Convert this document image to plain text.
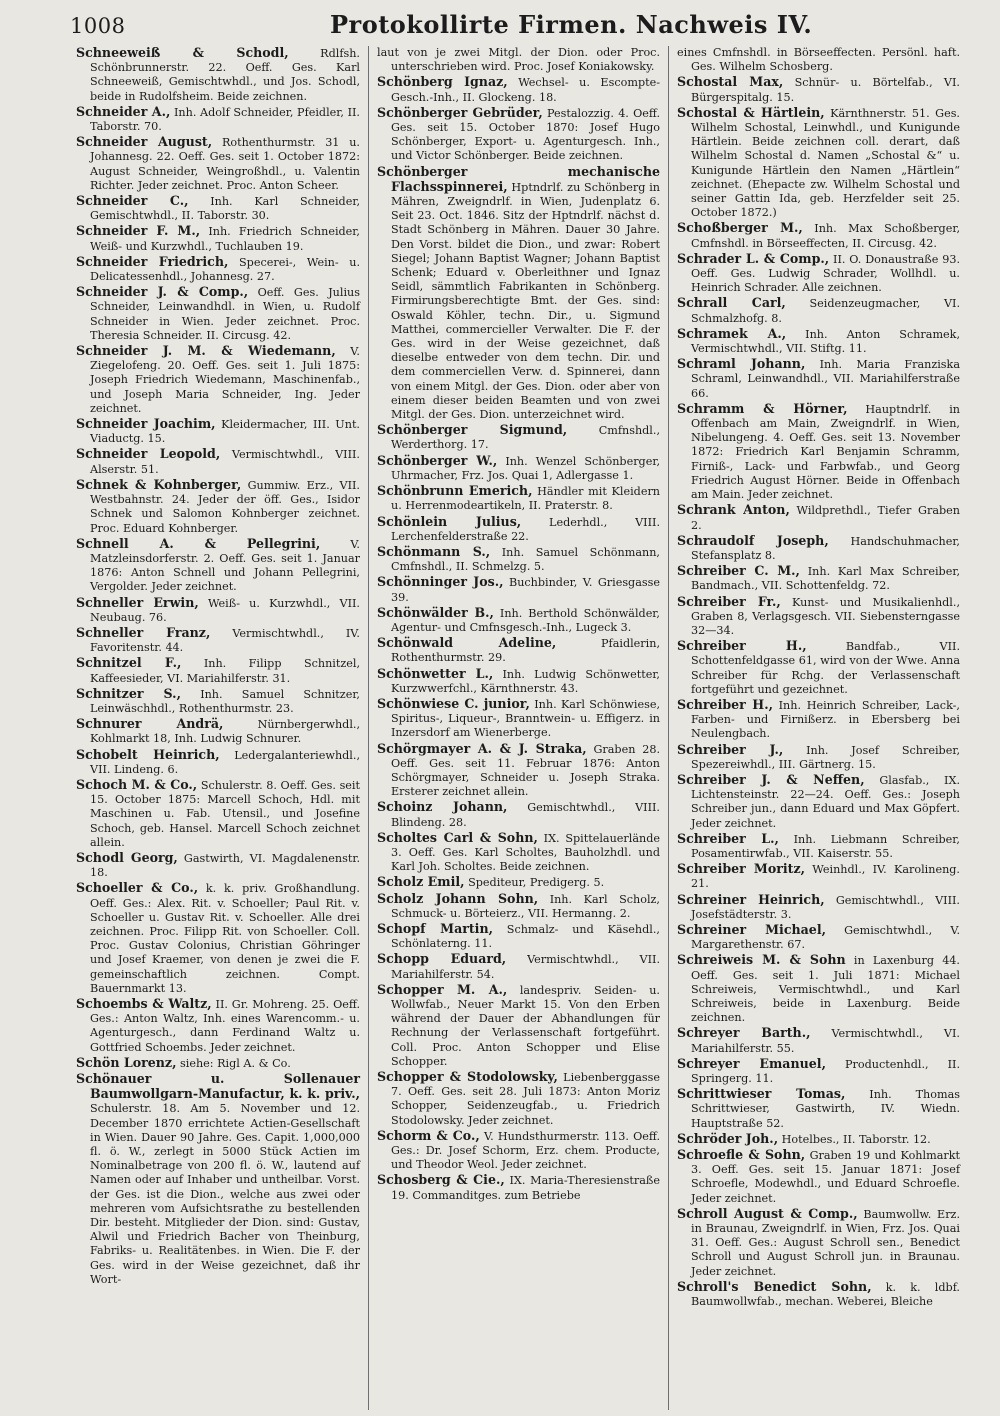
1008	Protokollirte Firmen. Nachweis IV.

Schneeweiß & Schodl,	Rdlfsh. Schönbrunnerstr. 22. Oeff. Ges. Karl Schneeweiß, Gemischtwhdl., und Jos. Schodl, beide in Rudolfsheim. Beide zeichnen.

Schneider A., Inh. Adolf Schneider, Pfeidler, II. Taborstr. 70.

Schneider August, Rothenthurmstr. 31 u. Johannesg. 22. Oeff. Ges. seit 1. October 1872: August Schneider, Weingroßhdl., u. Valentin Richter. Jeder zeichnet. Proc. Anton Scheer.

Schneider C., Inh. Karl Schneider, Gemischtwhdl., II. Taborstr. 30.

Schneider F. M., Inh. Friedrich Schneider, Weiß- und Kurzwhdl., Tuchlauben 19.

Schneider Friedrich, Specerei-, Wein- u. Delicatessenhdl., Johannesg. 27.

Schneider J. & Comp., Oeff. Ges. Julius Schneider, Leinwandhdl. in Wien, u. Rudolf Schneider in Wien. Jeder zeichnet. Proc. Theresia Schneider. II. Circusg. 42.

Schneider J. M. & Wiedemann, V. Ziegelofeng. 20. Oeff. Ges. seit 1. Juli 1875: Joseph Friedrich Wiedemann, Maschinenfab., und Joseph Maria Schneider, Ing. Jeder zeichnet.

Schneider Joachim, Kleidermacher, III. Unt. Viaductg. 15.

Schneider Leopold, Vermischtwhdl., VIII. Alserstr. 51.

Schnek & Kohnberger, Gummiw. Erz., VII. Westbahnstr. 24. Jeder der öff. Ges., Isidor Schnek und Salomon Kohnberger zeichnet. Proc. Eduard Kohnberger.

Schnell A. & Pellegrini,	V. Matzleinsdorferstr. 2. Oeff. Ges. seit 1. Januar 1876: Anton Schnell und Johann Pellegrini, Vergolder. Jeder zeichnet.

Schneller Erwin, Weiß- u. Kurzwhdl., VII. Neubaug. 76.

Schneller Franz, Vermischtwhdl., IV. Favoritenstr. 44.

Schnitzel F., Inh. Filipp Schnitzel, Kaffeesieder, VI. Mariahilferstr. 31.

Schnitzer S., Inh. Samuel Schnitzer, Leinwäschhdl., Rothenthurmstr. 23.

Schnurer Andrä,	Nürnbergerwhdl., Kohlmarkt 18, Inh. Ludwig Schnurer.

Schobelt Heinrich, Ledergalanteriewhdl., VII. Lindeng. 6.

Schoch M. & Co., Schulerstr. 8. Oeff. Ges. seit 15. October 1875: Marcell Schoch, Hdl. mit Maschinen u. Fab. Utensil., und Josefine Schoch, geb. Hansel. Marcell Schoch zeichnet allein.

Schodl Georg, Gastwirth, VI. Magdalenenstr. 18.

Schoeller & Co., k. k. priv. Großhandlung. Oeff. Ges.: Alex. Rit. v. Schoeller; Paul Rit. v. Schoeller u. Gustav Rit. v. Schoeller. Alle drei zeichnen. Proc. Filipp Rit. von Schoeller. Coll. Proc. Gustav Colonius, Christian Göhringer und Josef Kraemer, von denen je zwei die F. gemeinschaftlich zeichnen. Compt. Bauernmarkt 13.

Schoembs & Waltz, II. Gr. Mohreng. 25. Oeff. Ges.: Anton Waltz, Inh. eines Warencomm.- u. Agenturgesch., dann Ferdinand Waltz u. Gottfried Schoembs. Jeder zeichnet.

Schön Lorenz, siehe: Rigl A. & Co.

Schönauer u. Sollenauer Baumwollgarn-Manufactur, k. k. priv., Schulerstr. 18. Am 5. November und 12. December 1870 errichtete Actien-Gesellschaft in Wien. Dauer 90 Jahre. Ges. Capit. 1,000,000 fl. ö. W., zerlegt in 5000 Stück Actien im Nominalbetrage von 200 fl. ö. W., lautend auf Namen oder auf Inhaber und untheilbar. Vorst. der Ges. ist die Dion., welche aus zwei oder mehreren vom Aufsichtsrathe zu bestellenden Dir. besteht. Mitglieder der Dion. sind: Gustav, Alwil und Friedrich Bacher von Theinburg, Fabriks- u. Realitätenbes. in Wien. Die F. der Ges. wird in der Weise gezeichnet, daß ihr Wort-

laut von je zwei Mitgl. der Dion. oder Proc. unterschrieben wird. Proc. Josef Koniakowsky.

Schönberg Ignaz, Wechsel- u. Escompte-Gesch.-Inh., II. Glockeng. 18.

Schönberger Gebrüder, Pestalozzig. 4. Oeff. Ges. seit 15. October 1870: Josef Hugo Schönberger, Export- u. Agenturgesch. Inh., und Victor Schönberger. Beide zeichnen.

Schönberger mechanische Flachsspinnerei, Hptndrlf. zu Schönberg in Mähren, Zweigndrlf. in Wien, Judenplatz 6. Seit 23. Oct. 1846. Sitz der Hptndrlf. nächst d. Stadt Schönberg in Mähren. Dauer 30 Jahre. Den Vorst. bildet die Dion., und zwar: Robert Siegel; Johann Baptist Wagner; Johann Baptist Schenk; Eduard v. Oberleithner und Ignaz Seidl, sämmtlich Fabrikanten in Schönberg. Firmirungsberechtigte Bmt. der Ges. sind: Oswald Köhler, techn. Dir., u. Sigmund Matthei, commercieller Verwalter. Die F. der Ges. wird in der Weise gezeichnet, daß dieselbe entweder von dem techn. Dir. und dem commerciellen Verw. d. Spinnerei, dann von einem Mitgl. der Ges. Dion. oder aber von einem dieser beiden Beamten und von zwei Mitgl. der Ges. Dion. unterzeichnet wird.

Schönberger Sigmund,	Cmfnshdl., Werderthorg. 17.

Schönberger W., Inh. Wenzel Schönberger, Uhrmacher, Frz. Jos. Quai 1, Adlergasse 1.

Schönbrunn Emerich, Händler mit Kleidern u. Herrenmodeartikeln, II. Praterstr. 8.

Schönlein Julius, Lederhdl., VIII. Lerchenfelderstraße 22.

Schönmann S., Inh. Samuel Schönmann, Cmfnshdl., II. Schmelzg. 5.

Schönninger Jos., Buchbinder, V. Griesgasse 39.

Schönwälder B., Inh. Berthold Schönwälder, Agentur- und Cmfnsgesch.-Inh., Lugeck 3.

Schönwald Adeline,	Pfaidlerin, Rothenthurmstr. 29.

Schönwetter L., Inh. Ludwig Schönwetter, Kurzwwerfchl., Kärnthnerstr. 43.

Schönwiese C. junior, Inh. Karl Schönwiese, Spiritus-, Liqueur-, Branntwein- u. Effigerz. in Inzersdorf am Wienerberge.

Schörgmayer A. & J. Straka, Graben 28. Oeff. Ges. seit 11. Februar 1876: Anton Schörgmayer, Schneider u. Joseph Straka. Ersterer zeichnet allein.

Schoinz Johann, Gemischtwhdl., VIII. Blindeng. 28.

Scholtes Carl & Sohn, IX. Spittelauerlände 3. Oeff. Ges. Karl Scholtes, Bauholzhdl. und Karl Joh. Scholtes. Beide zeichnen.

Scholz Emil, Spediteur, Predigerg. 5.

Scholz Johann Sohn, Inh. Karl Scholz, Schmuck- u. Börteierz., VII. Hermanng. 2.

Schopf Martin, Schmalz- und Käsehdl., Schönlaterng. 11.

Schopp Eduard, Vermischtwhdl., VII. Mariahilferstr. 54.

Schopper M. A., landespriv. Seiden- u. Wollwfab., Neuer Markt 15. Von den Erben während der Dauer der Abhandlungen für Rechnung der Verlassenschaft fortgeführt. Coll. Proc. Anton Schopper und Elise Schopper.

Schopper & Stodolowsky, Liebenberggasse 7. Oeff. Ges. seit 28. Juli 1873: Anton Moriz Schopper, Seidenzeugfab., u. Friedrich Stodolowsky. Jeder zeichnet.

Schorm & Co., V. Hundsthurmerstr. 113. Oeff. Ges.: Dr. Josef Schorm, Erz. chem. Producte, und Theodor Weol. Jeder zeichnet.

Schosberg & Cie., IX. Maria-Theresienstraße 19. Commanditges. zum Betriebe

eines Cmfnshdl. in Börseeffecten. Persönl. haft. Ges. Wilhelm Schosberg.

Schostal Max, Schnür- u. Börtelfab., VI. Bürgerspitalg. 15.

Schostal & Härtlein, Kärnthnerstr. 51. Ges. Wilhelm Schostal, Leinwhdl., und Kunigunde Härtlein. Beide zeichnen coll. derart, daß Wilhelm Schostal d. Namen „Schostal &“ u. Kunigunde Härtlein den Namen „Härtlein“ zeichnet. (Ehepacte zw. Wilhelm Schostal und seiner Gattin Ida, geb. Herzfelder seit 25. October 1872.)

Schoßberger M., Inh. Max Schoßberger, Cmfnshdl. in Börseeffecten, II. Circusg. 42.

Schrader L. & Comp., II. O. Donaustraße 93. Oeff. Ges. Ludwig Schrader, Wollhdl. u. Heinrich Schrader. Alle zeichnen.

Schrall Carl, Seidenzeugmacher, VI. Schmalzhofg. 8.

Schramek A., Inh. Anton Schramek, Vermischtwhdl., VII. Stiftg. 11.

Schraml Johann, Inh. Maria Franziska Schraml, Leinwandhdl., VII. Mariahilferstraße 66.

Schramm & Hörner, Hauptndrlf. in Offenbach am Main, Zweigndrlf. in Wien, Nibelungeng. 4. Oeff. Ges. seit 13. November 1872: Friedrich Karl Benjamin Schramm, Firniß-, Lack- und Farbwfab., und Georg Friedrich August Hörner. Beide in Offenbach am Main. Jeder zeichnet.

Schrank Anton, Wildprethdl., Tiefer Graben 2.

Schraudolf Joseph, Handschuhmacher, Stefansplatz 8.

Schreiber C. M., Inh. Karl Max Schreiber, Bandmach., VII. Schottenfeldg. 72.

Schreiber Fr., Kunst- und Musikalienhdl., Graben 8, Verlagsgesch. VII. Siebensterngasse 32—34.

Schreiber H.,	Bandfab., VII. Schottenfeldgasse 61, wird von der Wwe. Anna Schreiber für Rchg. der Verlassenschaft fortgeführt und gezeichnet.

Schreiber H., Inh. Heinrich Schreiber, Lack-, Farben- und Firnißerz. in Ebersberg bei Neulengbach.

Schreiber J., Inh. Josef Schreiber, Spezereiwhdl., III. Gärtnerg. 15.

Schreiber J. & Neffen, Glasfab., IX. Lichtensteinstr. 22—24. Oeff. Ges.: Joseph Schreiber jun., dann Eduard und Max Göpfert. Jeder zeichnet.

Schreiber L., Inh. Liebmann Schreiber, Posamentirwfab., VII. Kaiserstr. 55.

Schreiber Moritz, Weinhdl., IV. Karolineng. 21.

Schreiner Heinrich, Gemischtwhdl., VIII. Josefstädterstr. 3.

Schreiner Michael, Gemischtwhdl., V. Margarethenstr. 67.

Schreiweis M. & Sohn in Laxenburg 44. Oeff. Ges. seit 1. Juli 1871: Michael Schreiweis, Vermischtwhdl., und Karl Schreiweis, beide in Laxenburg. Beide zeichnen.

Schreyer Barth., Vermischtwhdl., VI. Mariahilferstr. 55.

Schreyer Emanuel, Productenhdl., II. Springerg. 11.

Schrittwieser Tomas, Inh. Thomas Schrittwieser, Gastwirth, IV. Wiedn. Hauptstraße 52.

Schröder Joh., Hotelbes., II. Taborstr. 12.

Schroefle & Sohn, Graben 19 und Kohlmarkt 3. Oeff. Ges. seit 15. Januar 1871: Josef Schroefle, Modewhdl., und Eduard Schroefle. Jeder zeichnet.

Schroll August & Comp., Baumwollw. Erz. in Braunau, Zweigndrlf. in Wien, Frz. Jos. Quai 31. Oeff. Ges.: August Schroll sen., Benedict Schroll und August Schroll jun. in Braunau. Jeder zeichnet.

Schroll's Benedict Sohn, k. k. ldbf. Baumwollwfab., mechan. Weberei, Bleiche
